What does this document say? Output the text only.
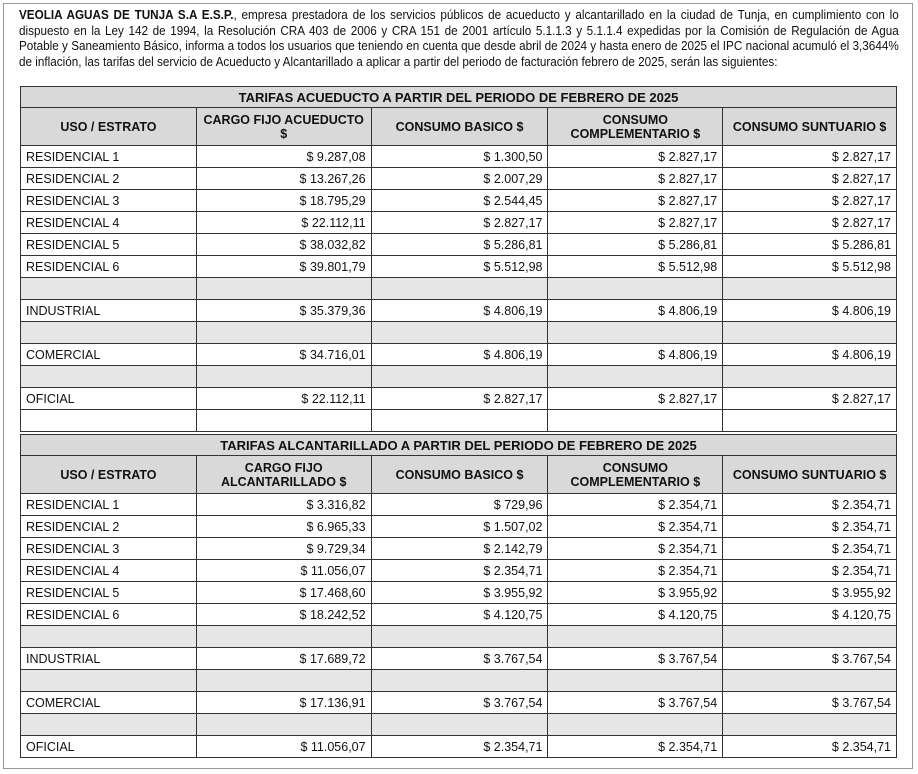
VEOLIA AGUAS DE TUNJA S.A E.S.P., empresa prestadora de los servicios públicos de acueducto y alcantarillado en la ciudad de Tunja, en cumplimiento con lo dispuesto en la Ley 142 de 1994, la Resolución CRA 403 de 2006 y CRA 151 de 2001 artículo 5.1.1.3 y 5.1.1.4 expedidas por la Comisión de Regulación de Agua Potable y Saneamiento Básico, informa a todos los usuarios que teniendo en cuenta que desde abril de 2024 y hasta enero de 2025 el IPC nacional acumuló el 3,3644% de inflación, las tarifas del servicio de Acueducto y Alcantarillado a aplicar a partir del periodo de facturación febrero de 2025, serán las siguientes:
TARIFAS ACUEDUCTO A PARTIR DEL PERIODO DE FEBRERO DE 2025				
USO / ESTRATO	CARGO FIJO ACUEDUCTO $	CONSUMO BASICO $	CONSUMO COMPLEMENTARIO $	CONSUMO SUNTUARIO $
RESIDENCIAL 1	$ 9.287,08	$ 1.300,50	$ 2.827,17	$ 2.827,17
RESIDENCIAL 2	$ 13.267,26	$ 2.007,29	$ 2.827,17	$ 2.827,17
RESIDENCIAL 3	$ 18.795,29	$ 2.544,45	$ 2.827,17	$ 2.827,17
RESIDENCIAL 4	$ 22.112,11	$ 2.827,17	$ 2.827,17	$ 2.827,17
RESIDENCIAL 5	$ 38.032,82	$ 5.286,81	$ 5.286,81	$ 5.286,81
RESIDENCIAL 6	$ 39.801,79	$ 5.512,98	$ 5.512,98	$ 5.512,98

INDUSTRIAL	$ 35.379,36	$ 4.806,19	$ 4.806,19	$ 4.806,19

COMERCIAL	$ 34.716,01	$ 4.806,19	$ 4.806,19	$ 4.806,19

OFICIAL	$ 22.112,11	$ 2.827,17	$ 2.827,17	$ 2.827,17

TARIFAS ALCANTARILLADO A PARTIR DEL PERIODO DE FEBRERO DE 2025				
USO / ESTRATO	CARGO FIJO ALCANTARILLADO $	CONSUMO BASICO $	CONSUMO COMPLEMENTARIO $	CONSUMO SUNTUARIO $
RESIDENCIAL 1	$ 3.316,82	$ 729,96	$ 2.354,71	$ 2.354,71
RESIDENCIAL 2	$ 6.965,33	$ 1.507,02	$ 2.354,71	$ 2.354,71
RESIDENCIAL 3	$ 9.729,34	$ 2.142,79	$ 2.354,71	$ 2.354,71
RESIDENCIAL 4	$ 11.056,07	$ 2.354,71	$ 2.354,71	$ 2.354,71
RESIDENCIAL 5	$ 17.468,60	$ 3.955,92	$ 3.955,92	$ 3.955,92
RESIDENCIAL 6	$ 18.242,52	$ 4.120,75	$ 4.120,75	$ 4.120,75

INDUSTRIAL	$ 17.689,72	$ 3.767,54	$ 3.767,54	$ 3.767,54

COMERCIAL	$ 17.136,91	$ 3.767,54	$ 3.767,54	$ 3.767,54

OFICIAL	$ 11.056,07	$ 2.354,71	$ 2.354,71	$ 2.354,71
